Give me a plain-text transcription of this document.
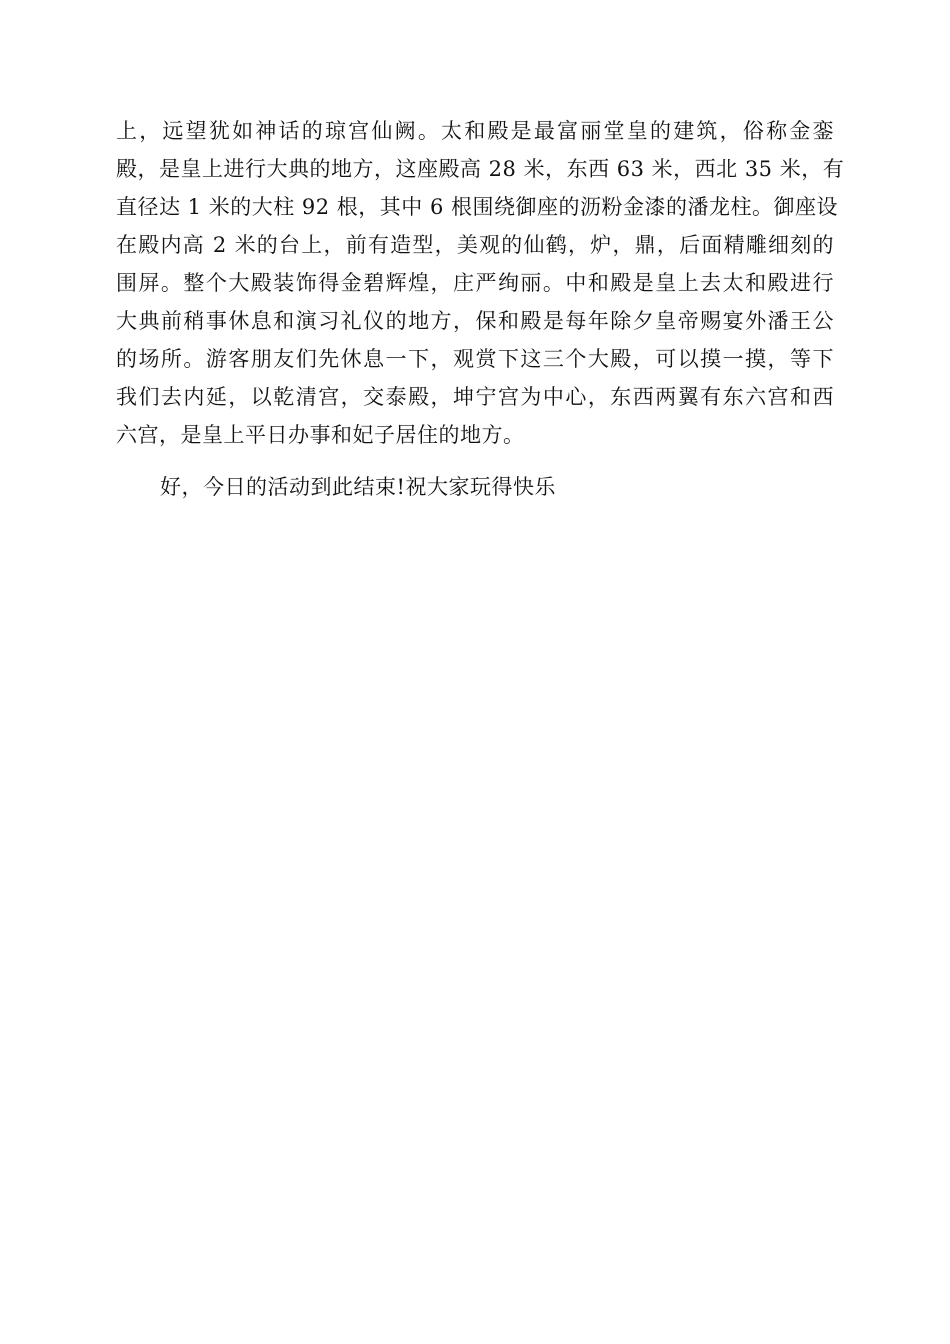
上，远望犹如神话的琼宫仙阙。太和殿是最富丽堂皇的建筑，俗称金銮
殿，是皇上进行大典的地方，这座殿高 28 米，东西 63 米，西北 35 米，有
直径达 1 米的大柱 92 根，其中 6 根围绕御座的沥粉金漆的潘龙柱。御座设
在殿内高 2 米的台上，前有造型，美观的仙鹤，炉，鼎，后面精雕细刻的
围屏。整个大殿装饰得金碧辉煌，庄严绚丽。中和殿是皇上去太和殿进行
大典前稍事休息和演习礼仪的地方，保和殿是每年除夕皇帝赐宴外潘王公
的场所。游客朋友们先休息一下，观赏下这三个大殿，可以摸一摸，等下
我们去内延，以乾清宫，交泰殿，坤宁宫为中心，东西两翼有东六宫和西
六宫，是皇上平日办事和妃子居住的地方。
好，今日的活动到此结束!祝大家玩得快乐
